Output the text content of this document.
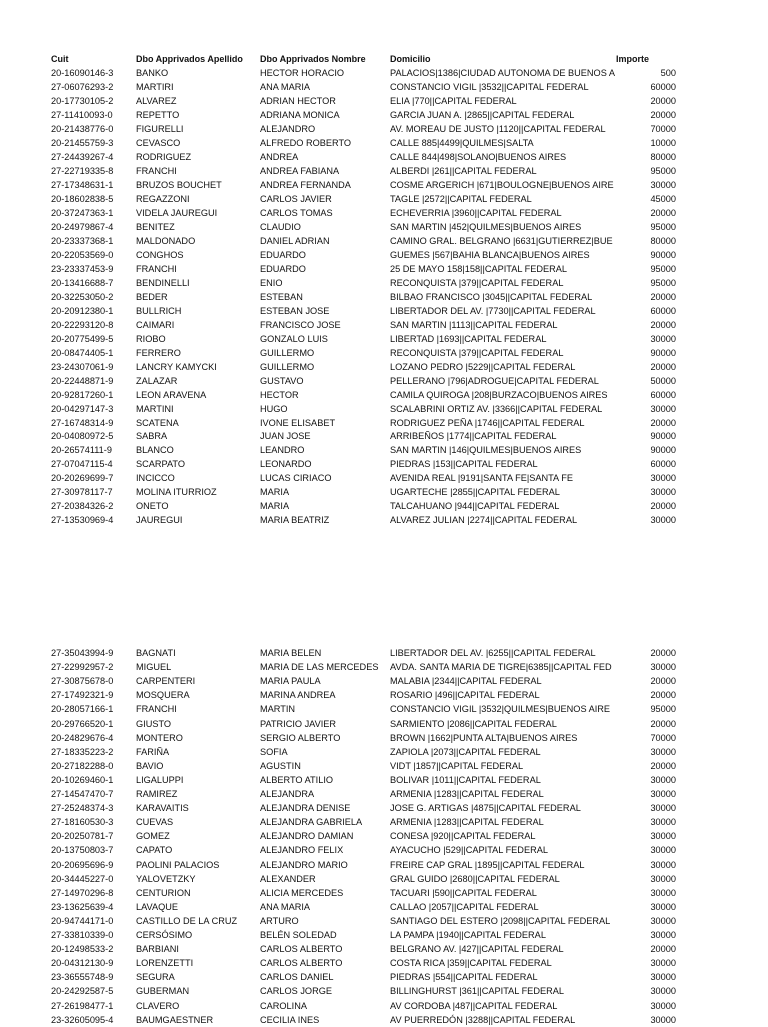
Cuit	Dbo Apprivados Apellido	Dbo Apprivados Nombre	Domicilio	Importe
20-16090146-3	BANKO	HECTOR HORACIO	PALACIOS|1386|CIUDAD AUTONOMA DE BUENOS A	500
27-06076293-2	MARTIRI	ANA MARIA	CONSTANCIO VIGIL |3532||CAPITAL FEDERAL	60000
20-17730105-2	ALVAREZ	ADRIAN HECTOR	ELIA |770||CAPITAL FEDERAL	20000
27-11410093-0	REPETTO	ADRIANA MONICA	GARCIA JUAN A. |2865||CAPITAL FEDERAL	20000
20-21438776-0	FIGURELLI	ALEJANDRO	AV. MOREAU DE JUSTO |1120||CAPITAL FEDERAL	70000
20-21455759-3	CEVASCO	ALFREDO ROBERTO	CALLE 885|4499|QUILMES|SALTA	10000
27-24439267-4	RODRIGUEZ	ANDREA	CALLE 844|498|SOLANO|BUENOS AIRES	80000
27-22719335-8	FRANCHI	ANDREA FABIANA	ALBERDI |261||CAPITAL FEDERAL	95000
27-17348631-1	BRUZOS BOUCHET	ANDREA FERNANDA	COSME ARGERICH |671|BOULOGNE|BUENOS AIRE	30000
20-18602838-5	REGAZZONI	CARLOS JAVIER	TAGLE |2572||CAPITAL FEDERAL	45000
20-37247363-1	VIDELA JAUREGUI	CARLOS TOMAS	ECHEVERRIA |3960||CAPITAL FEDERAL	20000
20-24979867-4	BENITEZ	CLAUDIO	SAN MARTIN |452|QUILMES|BUENOS AIRES	95000
20-23337368-1	MALDONADO	DANIEL ADRIAN	CAMINO GRAL. BELGRANO |6631|GUTIERREZ|BUE	80000
20-22053569-0	CONGHOS	EDUARDO	GUEMES |567|BAHIA BLANCA|BUENOS AIRES	90000
23-23337453-9	FRANCHI	EDUARDO	25 DE MAYO 158|158||CAPITAL FEDERAL	95000
20-13416688-7	BENDINELLI	ENIO	RECONQUISTA |379||CAPITAL FEDERAL	95000
20-32253050-2	BEDER	ESTEBAN	BILBAO FRANCISCO |3045||CAPITAL FEDERAL	20000
20-20912380-1	BULLRICH	ESTEBAN JOSE	LIBERTADOR DEL AV. |7730||CAPITAL FEDERAL	60000
20-22293120-8	CAIMARI	FRANCISCO JOSE	SAN MARTIN |1113||CAPITAL FEDERAL	20000
20-20775499-5	RIOBO	GONZALO LUIS	LIBERTAD |1693||CAPITAL FEDERAL	30000
20-08474405-1	FERRERO	GUILLERMO	RECONQUISTA |379||CAPITAL FEDERAL	90000
23-24307061-9	LANCRY KAMYCKI	GUILLERMO	LOZANO PEDRO |5229||CAPITAL FEDERAL	20000
20-22448871-9	ZALAZAR	GUSTAVO	PELLERANO |796|ADROGUE|CAPITAL FEDERAL	50000
20-92817260-1	LEON ARAVENA	HECTOR	CAMILA QUIROGA |208|BURZACO|BUENOS AIRES	60000
20-04297147-3	MARTINI	HUGO	SCALABRINI ORTIZ AV. |3366||CAPITAL FEDERAL	30000
27-16748314-9	SCATENA	IVONE ELISABET	RODRIGUEZ PEÑA |1746||CAPITAL FEDERAL	20000
20-04080972-5	SABRA	JUAN JOSE	ARRIBEÑOS |1774||CAPITAL FEDERAL	90000
20-26574111-9	BLANCO	LEANDRO	SAN MARTIN |146|QUILMES|BUENOS AIRES	90000
27-07047115-4	SCARPATO	LEONARDO	PIEDRAS |153||CAPITAL FEDERAL	60000
20-20269699-7	INCICCO	LUCAS CIRIACO	AVENIDA REAL |9191|SANTA FE|SANTA FE	30000
27-30978117-7	MOLINA ITURRIOZ	MARIA	UGARTECHE |2855||CAPITAL FEDERAL	30000
27-20384326-2	ONETO	MARIA	TALCAHUANO |944||CAPITAL FEDERAL	20000
27-13530969-4	JAUREGUI	MARIA BEATRIZ	ALVAREZ JULIAN |2274||CAPITAL FEDERAL	30000
27-35043994-9	BAGNATI	MARIA BELEN	LIBERTADOR DEL AV. |6255||CAPITAL FEDERAL	20000
27-22992957-2	MIGUEL	MARIA DE LAS MERCEDES	AVDA. SANTA MARIA DE TIGRE|6385||CAPITAL FED	30000
27-30875678-0	CARPENTERI	MARIA PAULA	MALABIA |2344||CAPITAL FEDERAL	20000
27-17492321-9	MOSQUERA	MARINA ANDREA	ROSARIO |496||CAPITAL FEDERAL	20000
20-28057166-1	FRANCHI	MARTIN	CONSTANCIO VIGIL |3532|QUILMES|BUENOS AIRE	95000
20-29766520-1	GIUSTO	PATRICIO JAVIER	SARMIENTO |2086||CAPITAL FEDERAL	20000
20-24829676-4	MONTERO	SERGIO ALBERTO	BROWN |1662|PUNTA ALTA|BUENOS AIRES	70000
27-18335223-2	FARIÑA	SOFIA	ZAPIOLA |2073||CAPITAL FEDERAL	30000
20-27182288-0	BAVIO	AGUSTIN	VIDT |1857||CAPITAL FEDERAL	20000
20-10269460-1	LIGALUPPI	ALBERTO ATILIO	BOLIVAR |1011||CAPITAL FEDERAL	30000
27-14547470-7	RAMIREZ	ALEJANDRA	ARMENIA |1283||CAPITAL FEDERAL	30000
27-25248374-3	KARAVAITIS	ALEJANDRA DENISE	JOSE G. ARTIGAS |4875||CAPITAL FEDERAL	30000
27-18160530-3	CUEVAS	ALEJANDRA GABRIELA	ARMENIA |1283||CAPITAL FEDERAL	30000
20-20250781-7	GOMEZ	ALEJANDRO DAMIAN	CONESA |920||CAPITAL FEDERAL	30000
20-13750803-7	CAPATO	ALEJANDRO FELIX	AYACUCHO |529||CAPITAL FEDERAL	30000
20-20695696-9	PAOLINI PALACIOS	ALEJANDRO MARIO	FREIRE CAP GRAL |1895||CAPITAL FEDERAL	30000
20-34445227-0	YALOVETZKY	ALEXANDER	GRAL GUIDO |2680||CAPITAL FEDERAL	30000
27-14970296-8	CENTURION	ALICIA MERCEDES	TACUARI |590||CAPITAL FEDERAL	30000
23-13625639-4	LAVAQUE	ANA MARIA	CALLAO |2057||CAPITAL FEDERAL	30000
20-94744171-0	CASTILLO DE LA CRUZ	ARTURO	SANTIAGO DEL ESTERO |2098||CAPITAL FEDERAL	30000
27-33810339-0	CERSÓSIMO	BELÉN SOLEDAD	LA PAMPA |1940||CAPITAL FEDERAL	30000
20-12498533-2	BARBIANI	CARLOS ALBERTO	BELGRANO AV. |427||CAPITAL FEDERAL	20000
20-04312130-9	LORENZETTI	CARLOS ALBERTO	COSTA RICA |359||CAPITAL FEDERAL	30000
23-36555748-9	SEGURA	CARLOS DANIEL	PIEDRAS |554||CAPITAL FEDERAL	30000
20-24292587-5	GUBERMAN	CARLOS JORGE	BILLINGHURST |361||CAPITAL FEDERAL	30000
27-26198477-1	CLAVERO	CAROLINA	AV CORDOBA |487||CAPITAL FEDERAL	30000
23-32605095-4	BAUMGAESTNER	CECILIA INES	AV PUERREDÓN |3288||CAPITAL FEDERAL	30000
